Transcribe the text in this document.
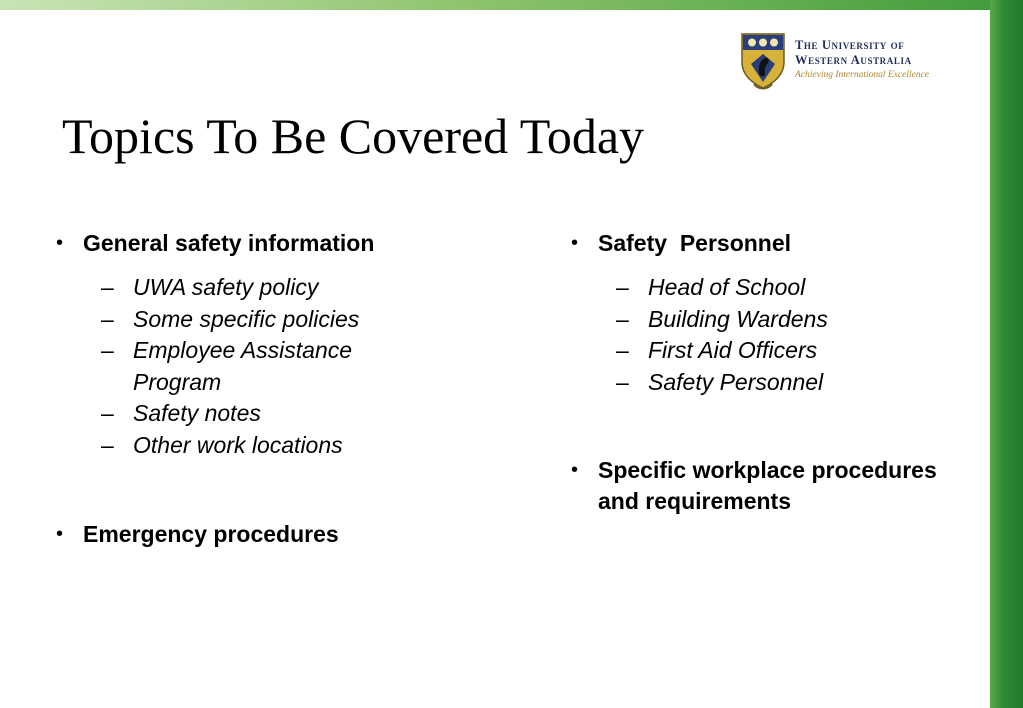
The University of
Western Australia
Achieving International Excellence
Topics To Be Covered Today
• General safety information
– UWA safety policy
– Some specific policies
– Employee Assistance Program
– Safety notes
– Other work locations
• Emergency procedures
• Safety  Personnel
– Head of School
– Building Wardens
– First Aid Officers
– Safety Personnel
• Specific workplace procedures and requirements
